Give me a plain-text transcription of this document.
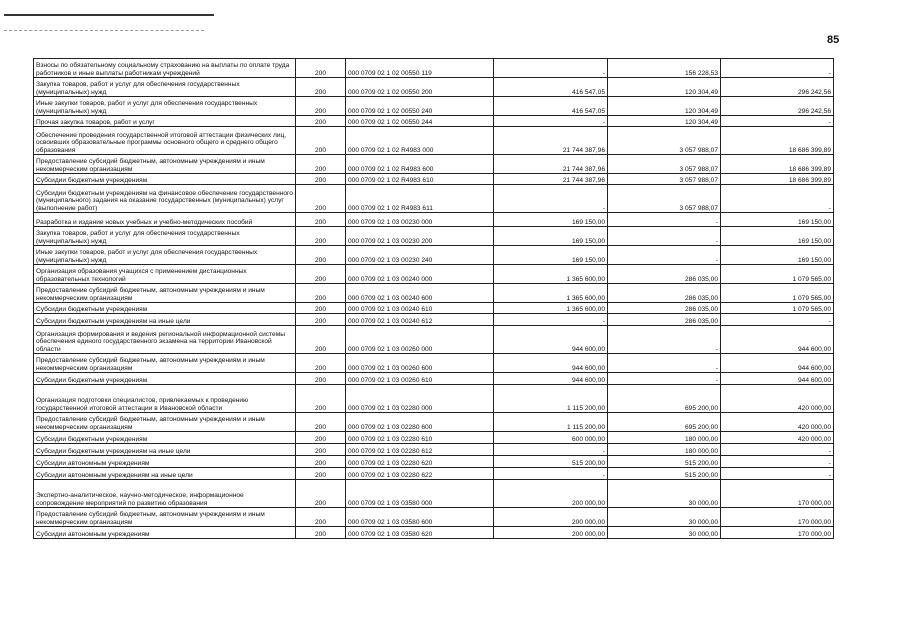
85
Взносы по обязательному социальному страхованию на выплаты по оплате труда работников и иные выплаты работникам учреждений	200	000 0709 02 1 02 00550 119	-	156 228,53	-
Закупка товаров, работ и услуг для обеспечения государственных (муниципальных) нужд	200	000 0709 02 1 02 00550 200	416 547,05	120 304,49	296 242,56
Иные закупки товаров, работ и услуг для обеспечения государственных (муниципальных) нужд	200	000 0709 02 1 02 00550 240	416 547,05	120 304,49	296 242,56
Прочая закупка товаров, работ и услуг	200	000 0709 02 1 02 00550 244	-	120 304,49	-
Обеспечение проведения государственной итоговой аттестации физических лиц, освоивших образовательные программы основного общего и среднего общего образования	200	000 0709 02 1 02 R4983 000	21 744 387,96	3 057 988,07	18 686 399,89
Предоставление субсидий бюджетным, автономным учреждениям и иным некоммерческим организациям	200	000 0709 02 1 02 R4983 600	21 744 387,96	3 057 988,07	18 686 399,89
Субсидии бюджетным учреждениям	200	000 0709 02 1 02 R4983 610	21 744 387,96	3 057 988,07	18 686 399,89
Субсидии бюджетным учреждениям на финансовое обеспечение государственного (муниципального) задания на оказание государственных (муниципальных) услуг (выполнение работ)	200	000 0709 02 1 02 R4983 611	-	3 057 988,07	-
Разработка и издание новых учебных и учебно-методических пособий	200	000 0709 02 1 03 00230 000	169 150,00	-	169 150,00
Закупка товаров, работ и услуг для обеспечения государственных (муниципальных) нужд	200	000 0709 02 1 03 00230 200	169 150,00	-	169 150,00
Иные закупки товаров, работ и услуг для обеспечения государственных (муниципальных) нужд	200	000 0709 02 1 03 00230 240	169 150,00	-	169 150,00
Организация образования учащихся с применением дистанционных образовательных технологий	200	000 0709 02 1 03 00240 000	1 365 600,00	286 035,00	1 079 565,00
Предоставление субсидий бюджетным, автономным учреждениям и иным некоммерческим организациям	200	000 0709 02 1 03 00240 600	1 365 600,00	286 035,00	1 079 565,00
Субсидии бюджетным учреждениям	200	000 0709 02 1 03 00240 610	1 365 600,00	286 035,00	1 079 565,00
Субсидии бюджетным учреждениям на иные цели	200	000 0709 02 1 03 00240 612	-	286 035,00	-
Организация формирования и ведения региональной информационной системы обеспечения единого государственного экзамена на территории Ивановской области	200	000 0709 02 1 03 00260 000	944 600,00	-	944 600,00
Предоставление субсидий бюджетным, автономным учреждениям и иным некоммерческим организациям	200	000 0709 02 1 03 00260 600	944 600,00	-	944 600,00
Субсидии бюджетным учреждениям	200	000 0709 02 1 03 00260 610	944 600,00	-	944 600,00
Организация подготовки специалистов, привлекаемых к проведению государственной итоговой аттестации в Ивановской области	200	000 0709 02 1 03 02280 000	1 115 200,00	695 200,00	420 000,00
Предоставление субсидий бюджетным, автономным учреждениям и иным некоммерческим организациям	200	000 0709 02 1 03 02280 600	1 115 200,00	695 200,00	420 000,00
Субсидии бюджетным учреждениям	200	000 0709 02 1 03 02280 610	600 000,00	180 000,00	420 000,00
Субсидии бюджетным учреждениям на иные цели	200	000 0709 02 1 03 02280 612	-	180 000,00	-
Субсидии автономным учреждениям	200	000 0709 02 1 03 02280 620	515 200,00	515 200,00	-
Субсидии автономным учреждениям на иные цели	200	000 0709 02 1 03 02280 622	-	515 200,00	-
Экспертно-аналитическое, научно-методическое, информационное сопровождение мероприятий по развитию образования	200	000 0709 02 1 03 03580 000	200 000,00	30 000,00	170 000,00
Предоставление субсидий бюджетным, автономным учреждениям и иным некоммерческим организациям	200	000 0709 02 1 03 03580 600	200 000,00	30 000,00	170 000,00
Субсидии автономным учреждениям	200	000 0709 02 1 03 03580 620	200 000,00	30 000,00	170 000,00
